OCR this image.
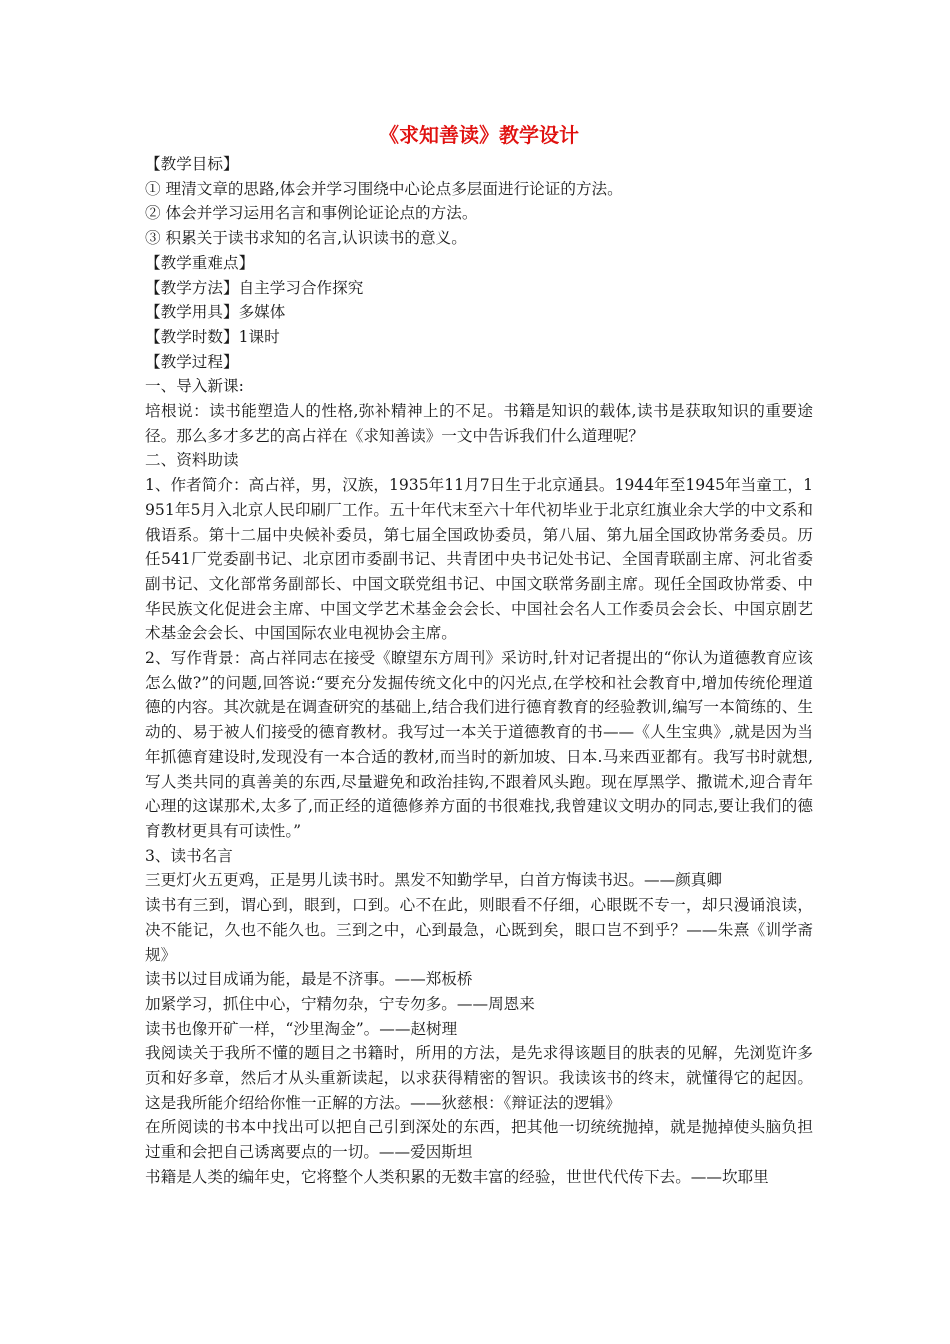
《求知善读》教学设计

【教学目标】

① 理清文章的思路,体会并学习围绕中心论点多层面进行论证的方法。

② 体会并学习运用名言和事例论证论点的方法。

③ 积累关于读书求知的名言,认识读书的意义。

【教学重难点】

【教学方法】自主学习合作探究

【教学用具】多媒体

【教学时数】1课时

【教学过程】

一、导入新课:

培根说：读书能塑造人的性格,弥补精神上的不足。书籍是知识的载体,读书是获取知识的重要途径。那么多才多艺的高占祥在《求知善读》一文中告诉我们什么道理呢？

二、资料助读

1、作者简介：高占祥，男，汉族，1935年11月7日生于北京通县。1944年至1945年当童工，1951年5月入北京人民印刷厂工作。五十年代末至六十年代初毕业于北京红旗业余大学的中文系和俄语系。第十二届中央候补委员，第七届全国政协委员，第八届、第九届全国政协常务委员。历任541厂党委副书记、北京团市委副书记、共青团中央书记处书记、全国青联副主席、河北省委副书记、文化部常务副部长、中国文联党组书记、中国文联常务副主席。现任全国政协常委、中华民族文化促进会主席、中国文学艺术基金会会长、中国社会名人工作委员会会长、中国京剧艺术基金会会长、中国国际农业电视协会主席。

2、写作背景：高占祥同志在接受《瞭望东方周刊》采访时,针对记者提出的“你认为道德教育应该怎么做?”的问题,回答说:“要充分发掘传统文化中的闪光点,在学校和社会教育中,增加传统伦理道德的内容。其次就是在调查研究的基础上,结合我们进行德育教育的经验教训,编写一本简练的、生动的、易于被人们接受的德育教材。我写过一本关于道德教育的书——《人生宝典》,就是因为当年抓德育建设时,发现没有一本合适的教材,而当时的新加坡、日本.马来西亚都有。我写书时就想,写人类共同的真善美的东西,尽量避免和政治挂钩,不跟着风头跑。现在厚黑学、撒谎术,迎合青年心理的这谋那术,太多了,而正经的道德修养方面的书很难找,我曾建议文明办的同志,要让我们的德育教材更具有可读性。”

3、读书名言

三更灯火五更鸡，正是男儿读书时。黑发不知勤学早，白首方悔读书迟。——颜真卿

读书有三到，谓心到，眼到，口到。心不在此，则眼看不仔细，心眼既不专一，却只漫诵浪读，决不能记，久也不能久也。三到之中，心到最急，心既到矣，眼口岂不到乎？——朱熹《训学斋规》

读书以过目成诵为能，最是不济事。——郑板桥

加紧学习，抓住中心，宁精勿杂，宁专勿多。——周恩来

读书也像开矿一样，“沙里淘金”。——赵树理

我阅读关于我所不懂的题目之书籍时，所用的方法，是先求得该题目的肤表的见解，先浏览许多页和好多章，然后才从头重新读起，以求获得精密的智识。我读该书的终末，就懂得它的起因。这是我所能介绍给你惟一正解的方法。——狄慈根：《辩证法的逻辑》

在所阅读的书本中找出可以把自己引到深处的东西，把其他一切统统抛掉，就是抛掉使头脑负担过重和会把自己诱离要点的一切。——爱因斯坦

书籍是人类的编年史，它将整个人类积累的无数丰富的经验，世世代代传下去。——坎耶里
